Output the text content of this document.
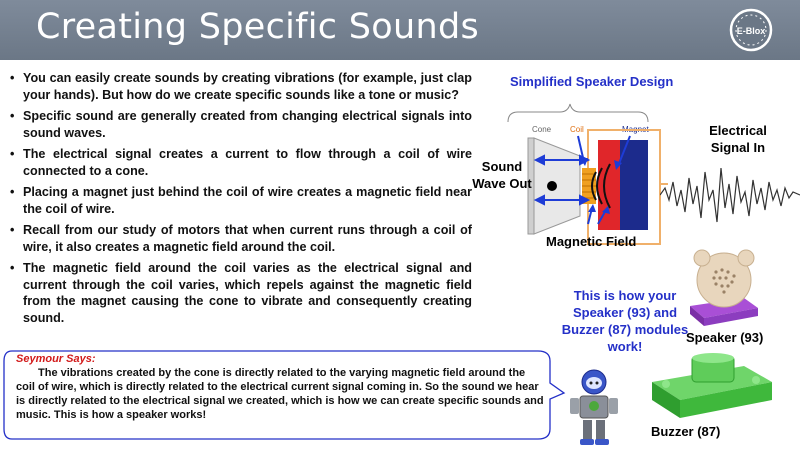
Creating Specific Sounds	E-Blox
• You can easily create sounds by creating vibrations (for example, just clap your hands). But how do we create specific sounds like a tone or music?
• Specific sound are generally created from changing electrical signals into sound waves.
• The electrical signal creates a current to flow through a coil of wire connected to a cone.
• Placing a magnet just behind the coil of wire creates a magnetic field near the coil of wire.
• Recall from our study of motors that when current runs through a coil of wire, it also creates a magnetic field around the coil.
• The magnetic field around the coil varies as the electrical signal and current through the coil varies, which repels against the magnetic field from the magnet causing the cone to vibrate and consequently creating sound.
Simplified Speaker Design
Cone Coil	Magnet
Sound Wave Out
Magnetic Field
Electrical Signal In
This is how your Speaker (93) and Buzzer (87) modules work!
Speaker (93)
Buzzer (87)
Seymour Says:

The vibrations created by the cone is directly related to the varying magnetic field around the coil of wire, which is directly related to the electrical current signal coming in. So the sound we hear is directly related to the electrical signal we created, which is how we can create specific sounds and music. This is how a speaker works!
